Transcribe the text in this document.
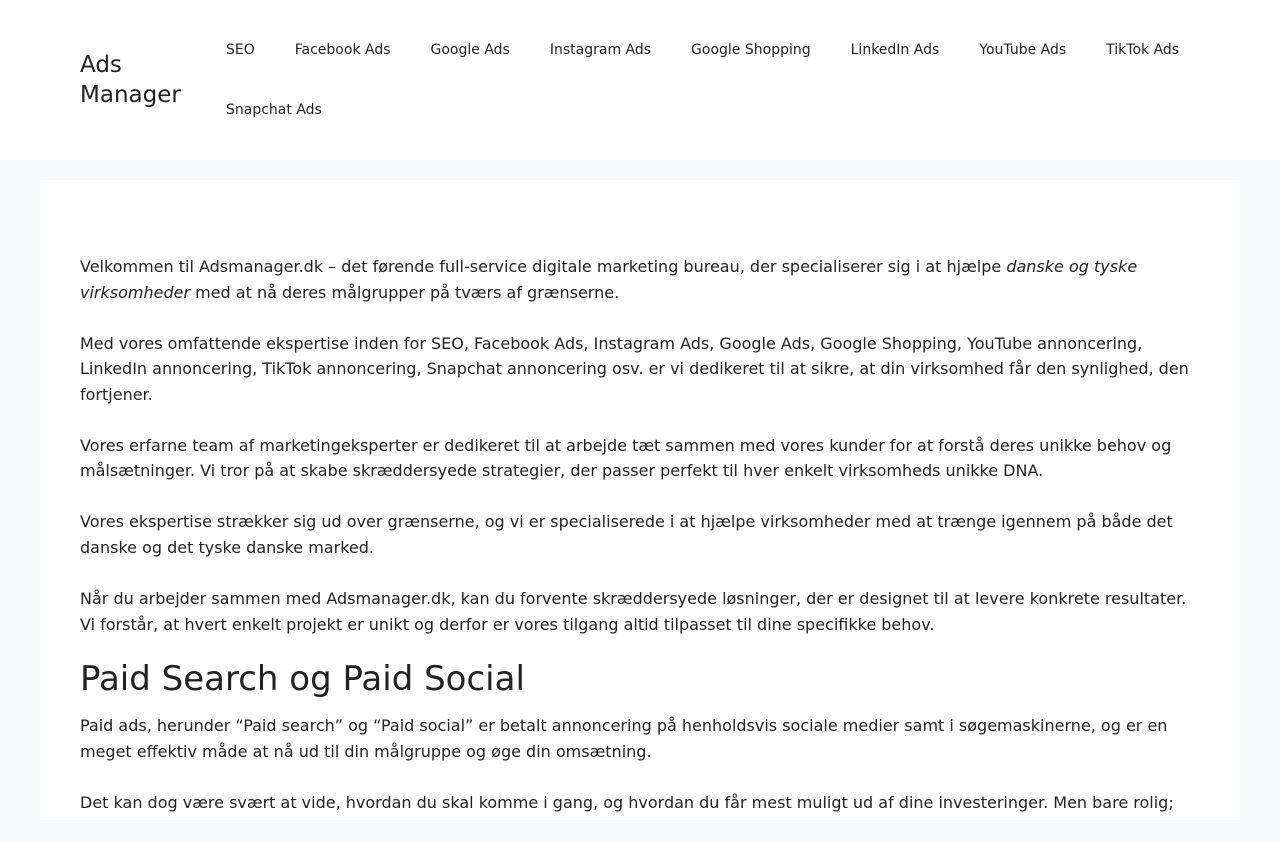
Ads Manager
SEO	Facebook Ads	Google Ads	Instagram Ads	Google Shopping	LinkedIn Ads	YouTube Ads	TikTok Ads
Snapchat Ads

Velkommen til Adsmanager.dk – det førende full-service digitale marketing bureau, der specialiserer sig i at hjælpe danske og tyske virksomheder med at nå deres målgrupper på tværs af grænserne.

Med vores omfattende ekspertise inden for SEO, Facebook Ads, Instagram Ads, Google Ads, Google Shopping, YouTube annoncering, LinkedIn annoncering, TikTok annoncering, Snapchat annoncering osv. er vi dedikeret til at sikre, at din virksomhed får den synlighed, den fortjener.

Vores erfarne team af marketingeksperter er dedikeret til at arbejde tæt sammen med vores kunder for at forstå deres unikke behov og målsætninger. Vi tror på at skabe skræddersyede strategier, der passer perfekt til hver enkelt virksomheds unikke DNA.

Vores ekspertise strækker sig ud over grænserne, og vi er specialiserede i at hjælpe virksomheder med at trænge igennem på både det danske og det tyske danske marked.

Når du arbejder sammen med Adsmanager.dk, kan du forvente skræddersyede løsninger, der er designet til at levere konkrete resultater. Vi forstår, at hvert enkelt projekt er unikt og derfor er vores tilgang altid tilpasset til dine specifikke behov.

Paid Search og Paid Social

Paid ads, herunder “Paid search” og “Paid social” er betalt annoncering på henholdsvis sociale medier samt i søgemaskinerne, og er en meget effektiv måde at nå ud til din målgruppe og øge din omsætning.

Det kan dog være svært at vide, hvordan du skal komme i gang, og hvordan du får mest muligt ud af dine investeringer. Men bare rolig;
